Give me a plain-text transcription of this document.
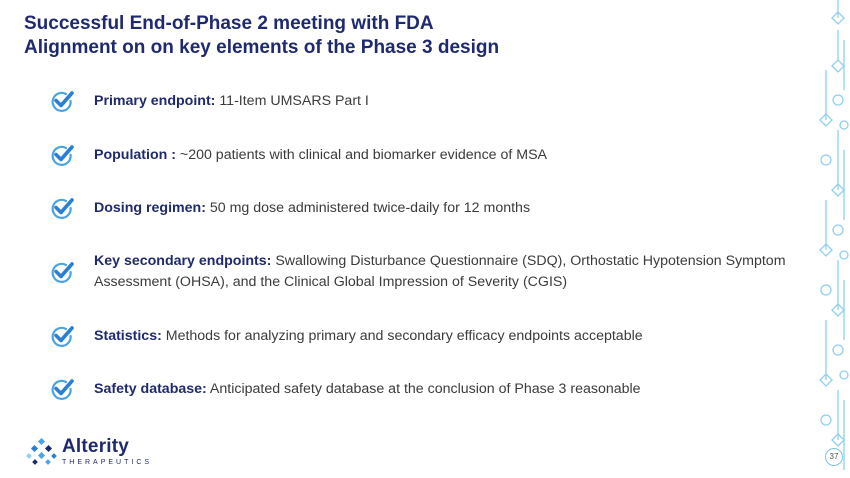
Successful End-of-Phase 2 meeting with FDA
Alignment on on key elements of the Phase 3 design
Primary endpoint: 11-Item UMSARS Part I
Population : ~200 patients with clinical and biomarker evidence of MSA
Dosing regimen: 50 mg dose administered twice-daily for 12 months
Key secondary endpoints: Swallowing Disturbance Questionnaire (SDQ), Orthostatic Hypotension Symptom Assessment (OHSA), and the Clinical Global Impression of Severity (CGIS)
Statistics: Methods for analyzing primary and secondary efficacy endpoints acceptable
Safety database: Anticipated safety database at the conclusion of Phase 3 reasonable
Alterity
THERAPEUTICS
37
